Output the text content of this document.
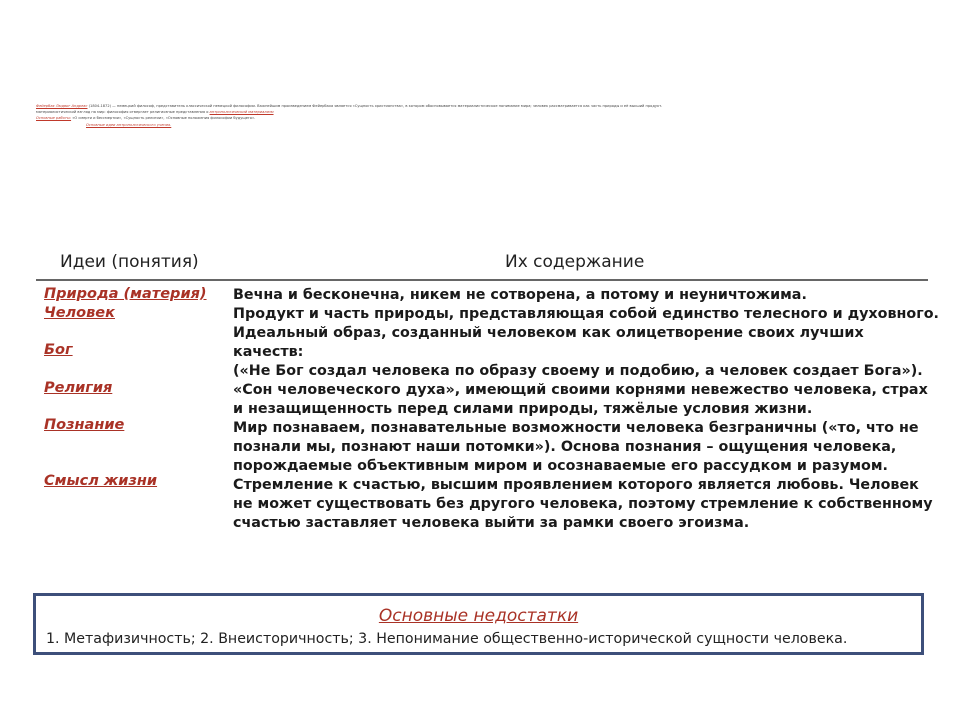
Фейербах Людвиг Андреас (1804-1872) — немецкий философ, представитель классической немецкой философии. Важнейшим произведением Фейербаха является «Сущность христианства», в котором обосновывается материалистическое понимание мира; человек рассматривается как часть природы и её высший продукт.
материалистический взгляд на мир: философия отвергает религиозные представления о антропологический материализм
Основные работы: «О смерти и бессмертии», «Сущность религии», «Основные положения философии будущего».
Основные идеи антропологического учения.
Идеи (понятия)	Их содержание
Природа (материя)
Человек
Бог
Религия
Познание
Смысл жизни
Вечна и бесконечна, никем не сотворена, а потому и неуничтожима.
Продукт и часть природы, представляющая собой единство телесного и духовного.
Идеальный образ, созданный человеком как олицетворение своих лучших
качеств:
(«Не Бог создал человека по образу своему и подобию, а человек создает Бога»).
«Сон человеческого духа», имеющий своими корнями невежество человека, страх
и незащищенность перед силами природы, тяжёлые условия жизни.
Мир познаваем, познавательные возможности человека безграничны («то, что не
познали мы, познают наши потомки»). Основа познания – ощущения человека,
порождаемые объективным миром и осознаваемые его рассудком и разумом.
Стремление к счастью, высшим проявлением которого является любовь. Человек
не может существовать без другого человека, поэтому стремление к собственному
счастью заставляет человека выйти за рамки своего эгоизма.
Основные недостатки
1. Метафизичность; 2. Внеисторичность; 3. Непонимание общественно-исторической сущности человека.
